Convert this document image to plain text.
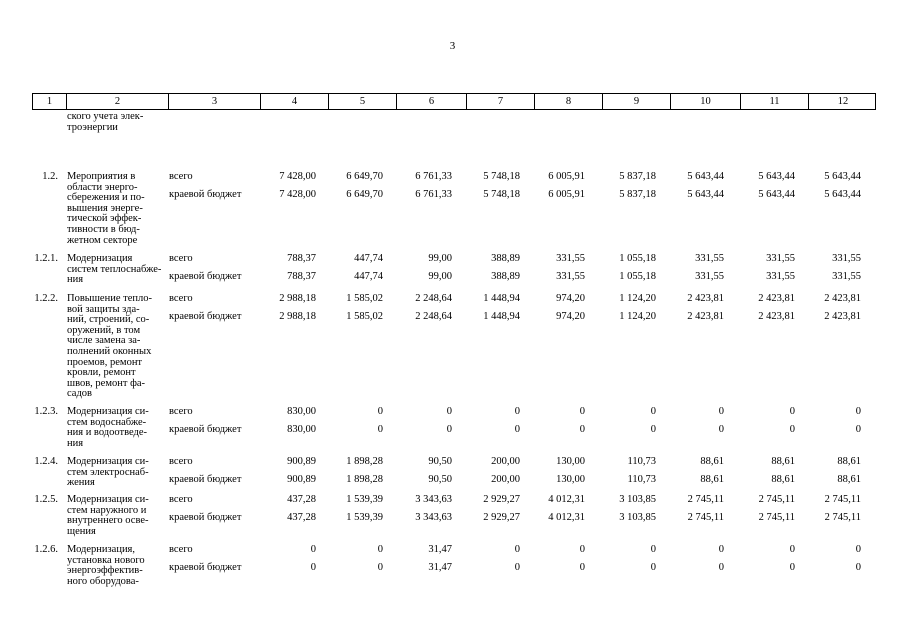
3
1	2	3	4	5	6	7	8	9	10	11	12
ского учета элек-
троэнергии
1.2. Мероприятия в
области энерго-
сбережения и по-
вышения энерге-
тической эффек-
тивности в бюд-
жетном секторе
всего	7 428,00	6 649,70	6 761,33	5 748,18	6 005,91	5 837,18	5 643,44	5 643,44	5 643,44
краевой бюджет	7 428,00	6 649,70	6 761,33	5 748,18	6 005,91	5 837,18	5 643,44	5 643,44	5 643,44
1.2.1. Модернизация
систем теплоснабже-
ния
всего	788,37	447,74	99,00	388,89	331,55	1 055,18	331,55	331,55	331,55
краевой бюджет	788,37	447,74	99,00	388,89	331,55	1 055,18	331,55	331,55	331,55
1.2.2. Повышение тепло-
вой защиты зда-
ний, строений, со-
оружений, в том
числе замена за-
полнений оконных
проемов, ремонт
кровли, ремонт
швов, ремонт фа-
садов
всего	2 988,18	1 585,02	2 248,64	1 448,94	974,20	1 124,20	2 423,81	2 423,81	2 423,81
краевой бюджет	2 988,18	1 585,02	2 248,64	1 448,94	974,20	1 124,20	2 423,81	2 423,81	2 423,81
1.2.3. Модернизация си-
стем водоснабже-
ния и водоотведе-
ния
всего	830,00	0	0	0	0	0	0	0	0
краевой бюджет	830,00	0	0	0	0	0	0	0	0
1.2.4. Модернизация си-
стем электроснаб-
жения
всего	900,89	1 898,28	90,50	200,00	130,00	110,73	88,61	88,61	88,61
краевой бюджет	900,89	1 898,28	90,50	200,00	130,00	110,73	88,61	88,61	88,61
1.2.5. Модернизация си-
стем наружного и
внутреннего осве-
щения
всего	437,28	1 539,39	3 343,63	2 929,27	4 012,31	3 103,85	2 745,11	2 745,11	2 745,11
краевой бюджет	437,28	1 539,39	3 343,63	2 929,27	4 012,31	3 103,85	2 745,11	2 745,11	2 745,11
1.2.6. Модернизация,
установка нового
энергоэффектив-
ного оборудова-
всего	0	0	31,47	0	0	0	0	0	0
краевой бюджет	0	0	31,47	0	0	0	0	0	0
